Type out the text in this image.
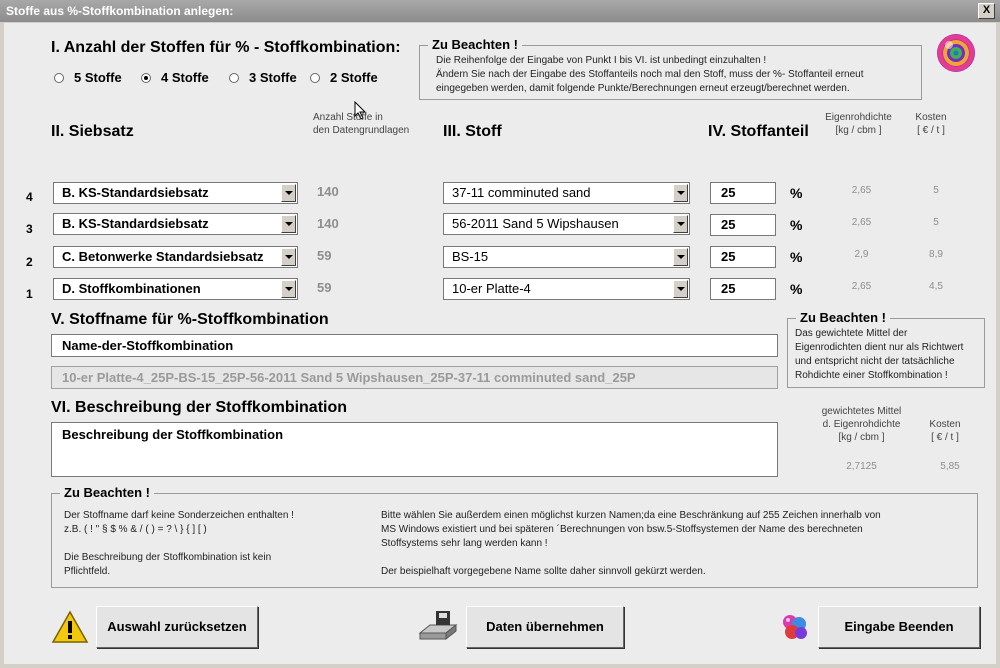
Stoffe aus %-Stoffkombination anlegen:	X
I. Anzahl der Stoffen für % - Stoffkombination:
5 Stoffe	4 Stoffe	3 Stoffe	2 Stoffe
Zu Beachten !
Die Reihenfolge der Eingabe von Punkt I bis VI. ist unbedingt einzuhalten !
Ändern Sie nach der Eingabe des Stoffanteils noch mal den Stoff, muss der %- Stoffanteil erneut
eingegeben werden, damit folgende Punkte/Berechnungen erneut erzeugt/berechnet werden.
II. Siebsatz
Anzahl Stoffe in
den Datengrundlagen III. Stoff	IV. Stoffanteil
Eigenrohdichte
[kg / cbm ]
Kosten
[ € / t ]
4	B. KS-Standardsiebsatz	140	37-11 comminuted sand	25	%	2,65	5
3	B. KS-Standardsiebsatz	140	56-2011 Sand 5 Wipshausen	25	%	2,65	5
2	C. Betonwerke Standardsiebsatz	59	BS-15	25	%	2,9	8,9
1	D. Stoffkombinationen	59	10-er Platte-4	25	%	2,65	4,5
V. Stoffname für %-Stoffkombination
Name-der-Stoffkombination
10-er Platte-4_25P-BS-15_25P-56-2011 Sand 5 Wipshausen_25P-37-11 comminuted sand_25P
Zu Beachten !
Das gewichtete Mittel der
Eigenrodichten dient nur als Richtwert
und entspricht nicht der tatsächliche
Rohdichte einer Stoffkombination !
VI. Beschreibung der Stoffkombination
Beschreibung der Stoffkombination
gewichtetes Mittel
d. Eigenrohdichte
[kg / cbm ]
Kosten
[ € / t ]
2,7125	5,85
Zu Beachten !
Der Stoffname darf keine Sonderzeichen enthalten !
z.B. ( ! " § $ % & / ( ) = ? \ } { ] [ )
Die Beschreibung der Stoffkombination ist kein
Pflichtfeld.
Bitte wählen Sie außerdem einen möglichst kurzen Namen;da eine Beschränkung auf 255 Zeichen innerhalb von
MS Windows existiert und bei späteren ´Berechnungen von bsw.5-Stoffsystemen der Name des berechneten
Stoffsystems sehr lang werden kann !
Der beispielhaft vorgegebene Name sollte daher sinnvoll gekürzt werden.
Auswahl zurücksetzen	Daten übernehmen	Eingabe Beenden
